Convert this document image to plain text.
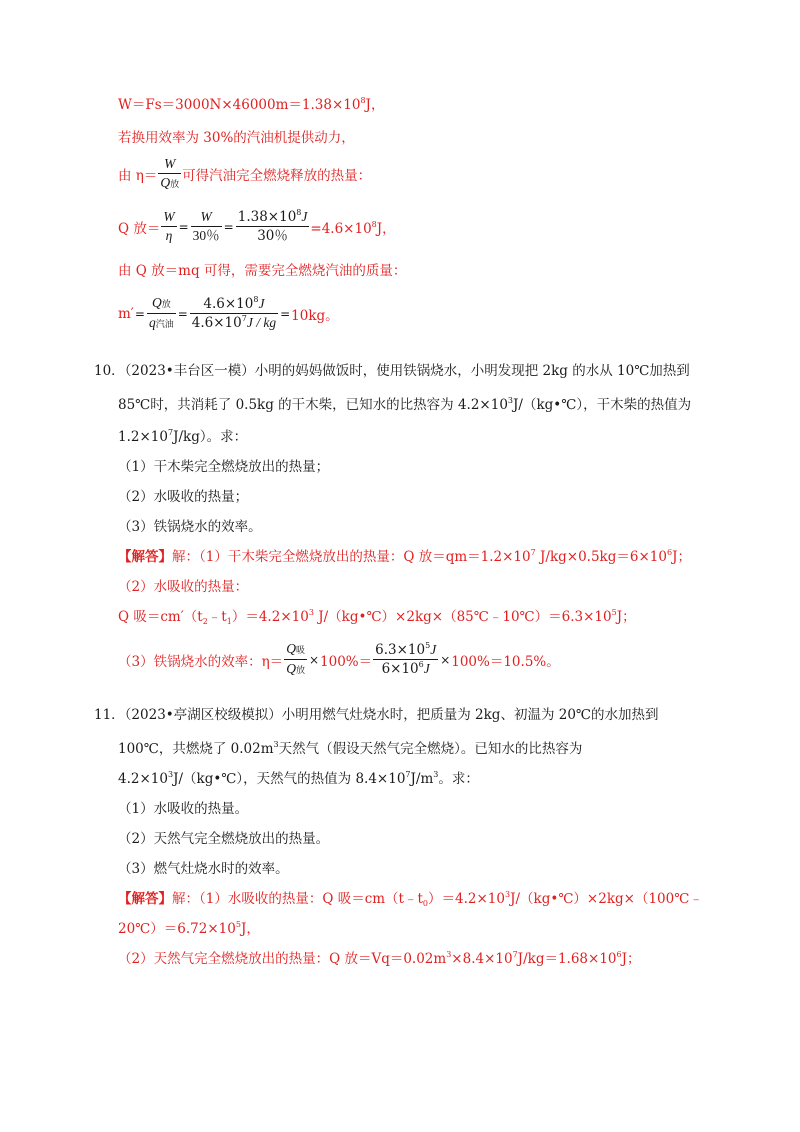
$W=Fs=3000N\times 46000m=1.38\times 10^8J$，
若换用效率为 30%的汽油机提供动力，
由 $\eta= \frac{W}{\text{Q放}}$ 可得汽油完全燃烧释放的热量：
Q 放＝ $\frac{W}{\eta} = \frac{W}{30\%} = \frac{1.38\times 10^8J}{30\%} =4.6\times 10^8J$，
由 Q 放＝mq 可得，需要完全燃烧汽油的质量：
$m' = \frac{\text{Q放}}{\text{q汽油}} = \frac{4.6\times 10^8J}{4.6\times 10^7J / kg} = 10kg$。
10．（2023•丰台区一模）小明的妈妈做饭时，使用铁锅烧水，小明发现把 2kg 的水从 10℃加热到
85℃时，共消耗了 0.5kg 的干木柴，已知水的比热容为 $4.2\times 10^3J/(kg•℃)$，干木柴的热值为
$1.2\times 10^7J/kg$）。求：
（1）干木柴完全燃烧放出的热量；
（2）水吸收的热量；
（3）铁锅烧水的效率。
【解答】解：（1）干木柴完全燃烧放出的热量：Q 放$=qm=1.2\times 10^7$ $J/kg\times 0.5kg=6\times 10^6J$；
（2）水吸收的热量：
Q 吸$=cm'(t_2﹣t_1)=4.2\times 10^3$ $J/(kg•℃)\times 2kg\times(85℃﹣10℃)=6.3\times 10^5J$；
（3）铁锅烧水的效率：$\eta= \frac{\text{Q吸}}{\text{Q放}} \times 100\%= \frac{6.3\times 10^5J}{6\times 10^6J} \times 100\%=10.5\%$。
11．（2023•亭湖区校级模拟）小明用燃气灶烧水时，把质量为 2kg、初温为 20℃的水加热到
100℃，共燃烧了 $0.02m^3$天然气（假设天然气完全燃烧）。已知水的比热容为
$4.2\times 10^3J/(kg•℃)$，天然气的热值为 $8.4\times 10^7J/m^3$。求：
（1）水吸收的热量。
（2）天然气完全燃烧放出的热量。
（3）燃气灶烧水时的效率。
【解答】解：（1）水吸收的热量：Q 吸$=cm(t﹣t_0)=4.2\times 10^3J/(kg•℃)\times 2kg\times(100℃﹣$
$20℃)=6.72\times 10^5J$，
（2）天然气完全燃烧放出的热量：Q 放$=Vq=0.02m^3\times 8.4\times 10^7J/kg=1.68\times 10^6J$；
